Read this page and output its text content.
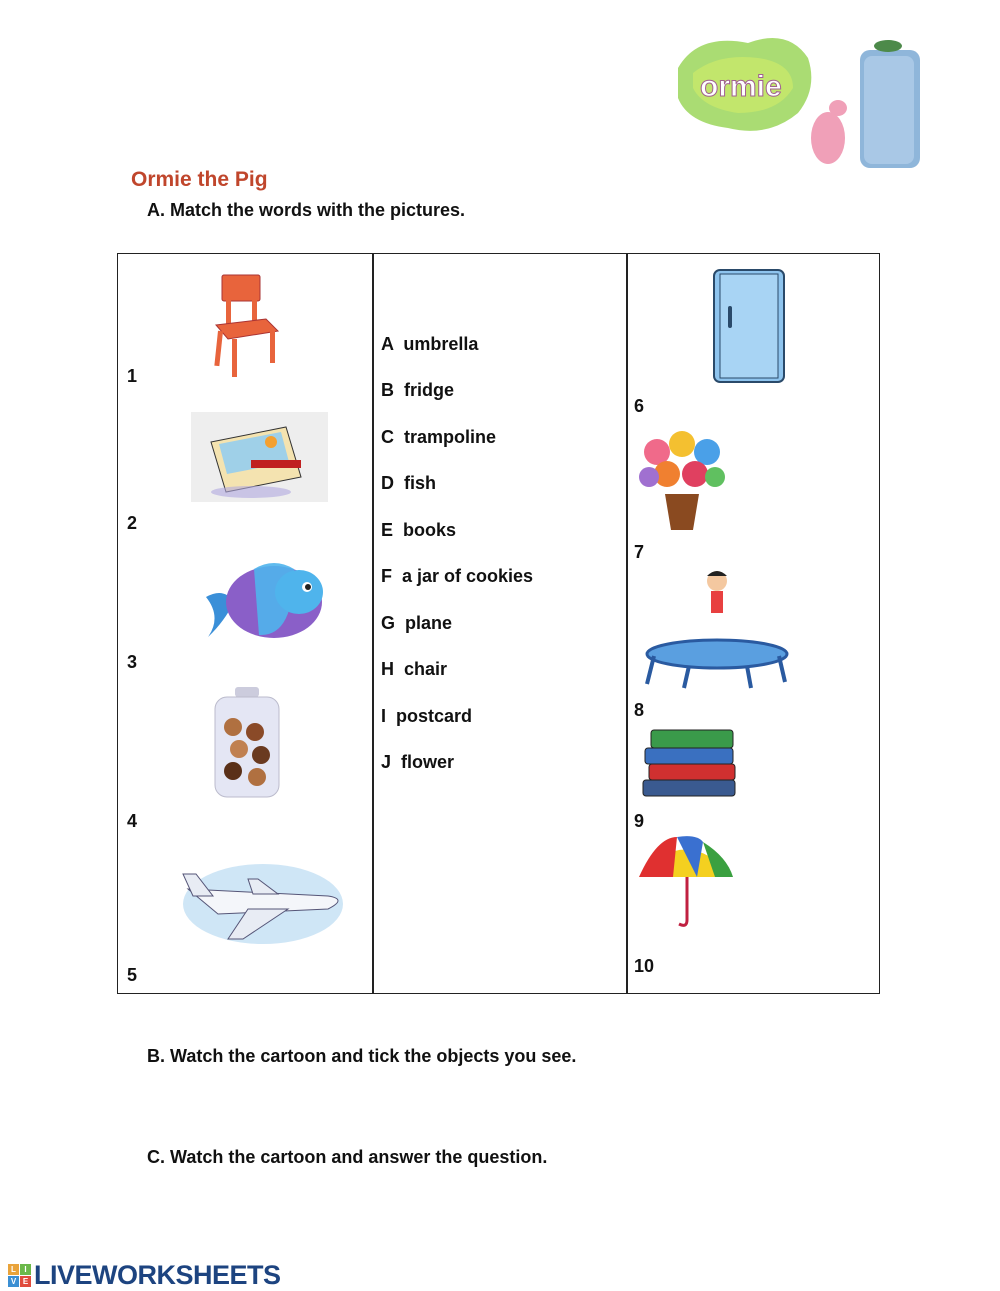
ormie
Ormie the Pig
A. Match the words with the pictures.
1
2
3
4
5
A umbrella
B fridge
C trampoline
D fish
E books
F a jar of cookies
G plane
H chair
I postcard
J flower
6
7
8
9
10
B. Watch the cartoon and tick the objects you see.
C. Watch the cartoon and answer the question.
L	I
V E LIVEWORKSHEETS
